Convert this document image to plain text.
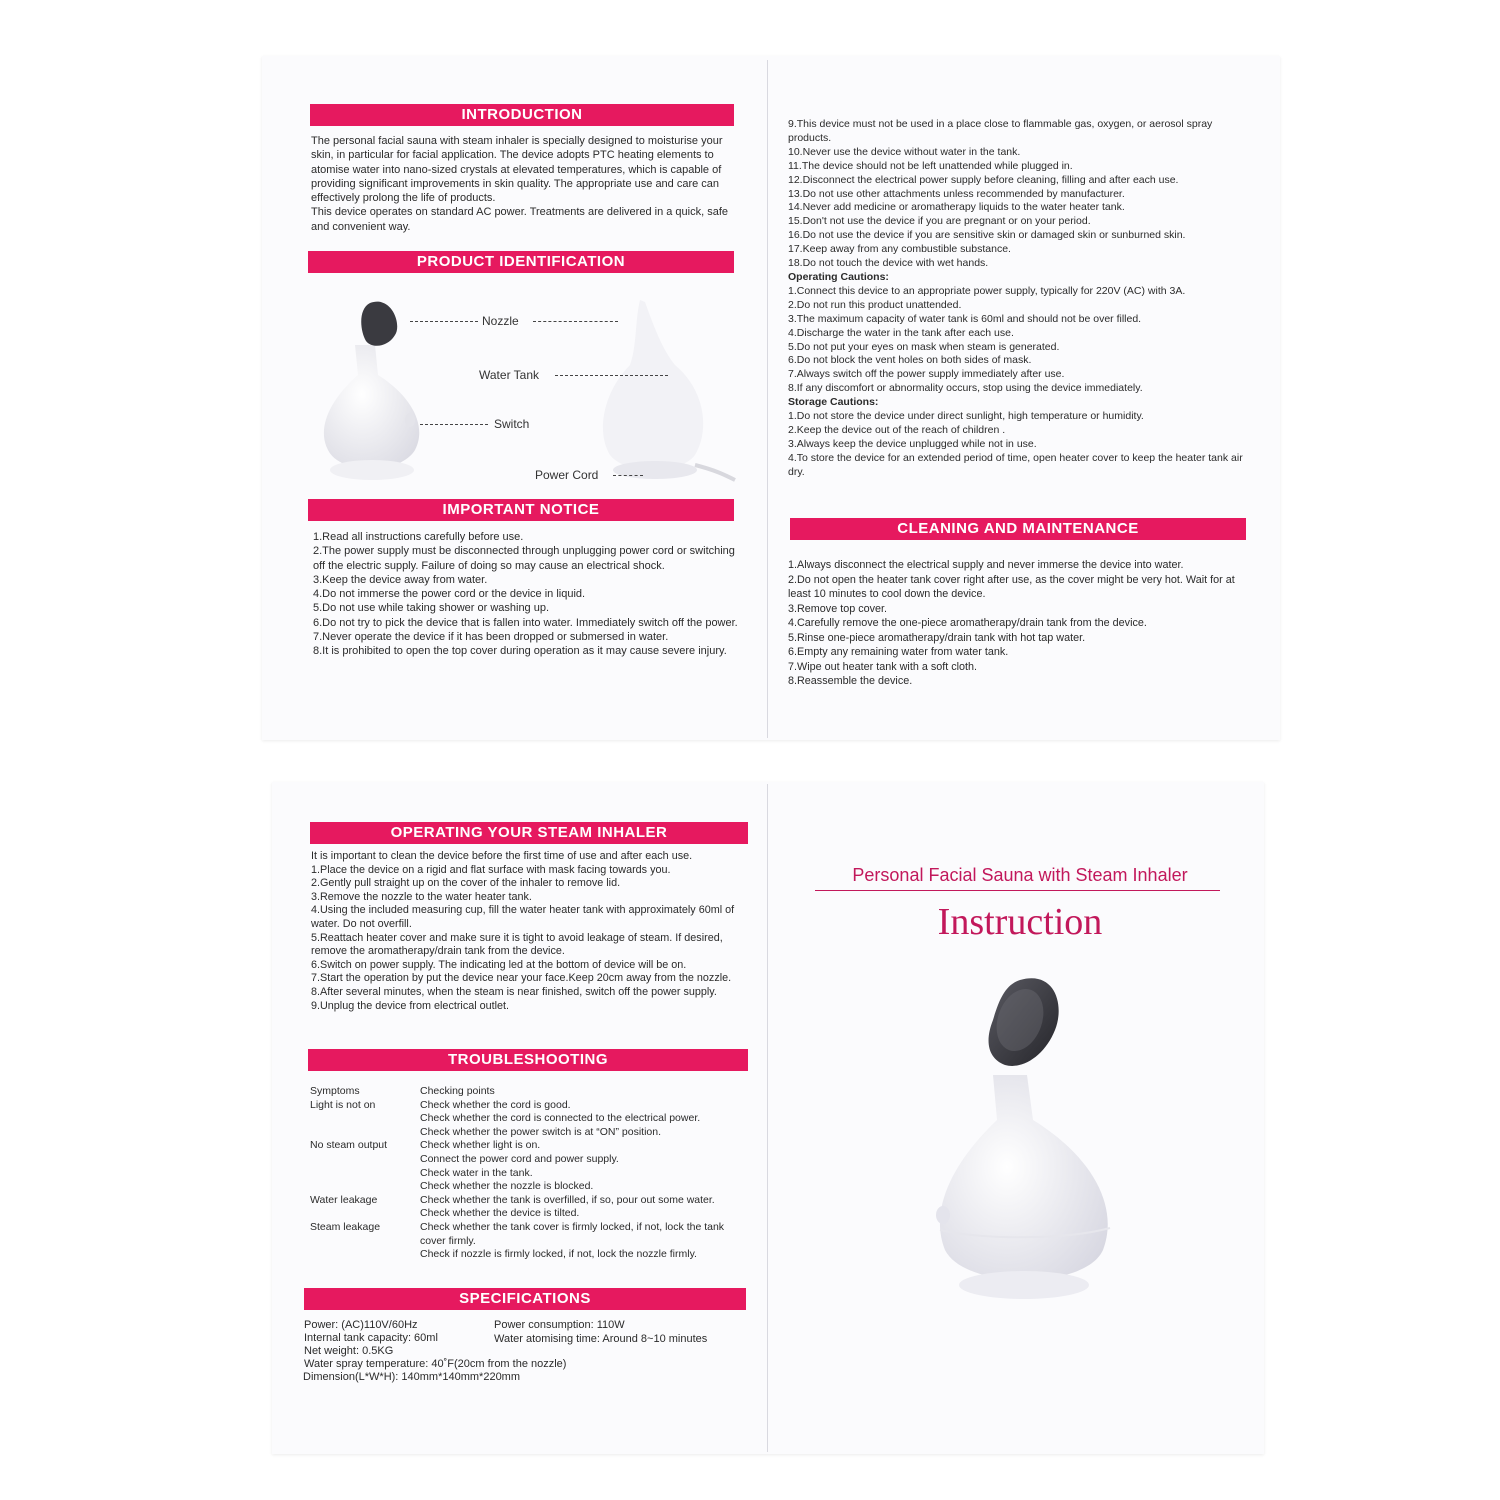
INTRODUCTION

The personal facial sauna with steam inhaler is specially designed to moisturise your skin, in particular for facial application. The device adopts PTC heating elements to atomise water into nano-sized crystals at elevated temperatures, which is capable of providing significant improvements in skin quality. The appropriate use and care can effectively prolong the life of products.

This device operates on standard AC power. Treatments are delivered in a quick, safe and convenient way.

PRODUCT IDENTIFICATION
Nozzle
Water Tank
Switch
Power Cord
IMPORTANT NOTICE

1.Read all instructions carefully before use.

2.The power supply must be disconnected through unplugging power cord or switching off the electric supply. Failure of doing so may cause an electrical shock.

3.Keep the device away from water.

4.Do not immerse the power cord or the device in liquid.

5.Do not use while taking shower or washing up.

6.Do not try to pick the device that is fallen into water. Immediately switch off the power.

7.Never operate the device if it has been dropped or submersed in water.

8.It is prohibited to open the top cover during operation as it may cause severe injury.

9.This device must not be used in a place close to flammable gas, oxygen, or aerosol spray products.

10.Never use the device without water in the tank.

11.The device should not be left unattended while plugged in.

12.Disconnect the electrical power supply before cleaning, filling and after each use.

13.Do not use other attachments unless recommended by manufacturer.

14.Never add medicine or aromatherapy liquids to the water heater tank.

15.Don't not use the device if you are pregnant or on your period.

16.Do not use the device if you are sensitive skin or damaged skin or sunburned skin.

17.Keep away from any combustible substance.

18.Do not touch the device with wet hands.

Operating Cautions:

1.Connect this device to an appropriate power supply, typically for 220V (AC) with 3A.

2.Do not run this product unattended.

3.The maximum capacity of water tank is 60ml and should not be over filled.

4.Discharge the water in the tank after each use.

5.Do not put your eyes on mask when steam is generated.

6.Do not block the vent holes on both sides of mask.

7.Always switch off the power supply immediately after use.

8.If any discomfort or abnormality occurs, stop using the device immediately.

Storage Cautions:

1.Do not store the device under direct sunlight, high temperature or humidity.

2.Keep the device out of the reach of children .

3.Always keep the device unplugged while not in use.

4.To store the device for an extended period of time, open heater cover to keep the heater tank air dry.

CLEANING AND MAINTENANCE

1.Always disconnect the electrical supply and never immerse the device into water.

2.Do not open the heater tank cover right after use, as the cover might be very hot. Wait for at least 10 minutes to cool down the device.

3.Remove top cover.

4.Carefully remove the one-piece aromatherapy/drain tank from the device.

5.Rinse one-piece aromatherapy/drain tank with hot tap water.

6.Empty any remaining water from water tank.

7.Wipe out heater tank with a soft cloth.

8.Reassemble the device.

OPERATING YOUR STEAM INHALER

It is important to clean the device before the first time of use and after each use.

1.Place the device on a rigid and flat surface with mask facing towards you.

2.Gently pull straight up on the cover of the inhaler to remove lid.

3.Remove the nozzle to the water heater tank.

4.Using the included measuring cup, fill the water heater tank with approximately 60ml of water. Do not overfill.

5.Reattach heater cover and make sure it is tight to avoid leakage of steam. If desired, remove the aromatherapy/drain tank from the device.

6.Switch on power supply. The indicating led at the bottom of device will be on.

7.Start the operation by put the device near your face.Keep 20cm away from the nozzle.

8.After several minutes, when the steam is near finished, switch off the power supply.

9.Unplug the device from electrical outlet.

TROUBLESHOOTING
Symptoms	Checking points
Light is not on	Check whether the cord is good.
Check whether the cord is connected to the electrical power.
Check whether the power switch is at “ON” position.
No steam output	Check whether light is on.
Connect the power cord and power supply.
Check water in the tank.
Check whether the nozzle is blocked.
Water leakage	Check whether the tank is overfilled, if so, pour out some water.
Check whether the device is tilted.
Steam leakage	Check whether the tank cover is firmly locked, if not, lock the tank cover firmly.
Check if nozzle is firmly locked, if not, lock the nozzle firmly.
SPECIFICATIONS
Power: (AC)110V/60Hz	Power consumption: 110W
Internal tank capacity: 60ml	Water atomising time: Around 8~10 minutes
Net weight: 0.5KG
Water spray temperature: 40˚F(20cm from the nozzle)
Dimension(L*W*H): 140mm*140mm*220mm
Personal Facial Sauna with Steam Inhaler
Instruction
